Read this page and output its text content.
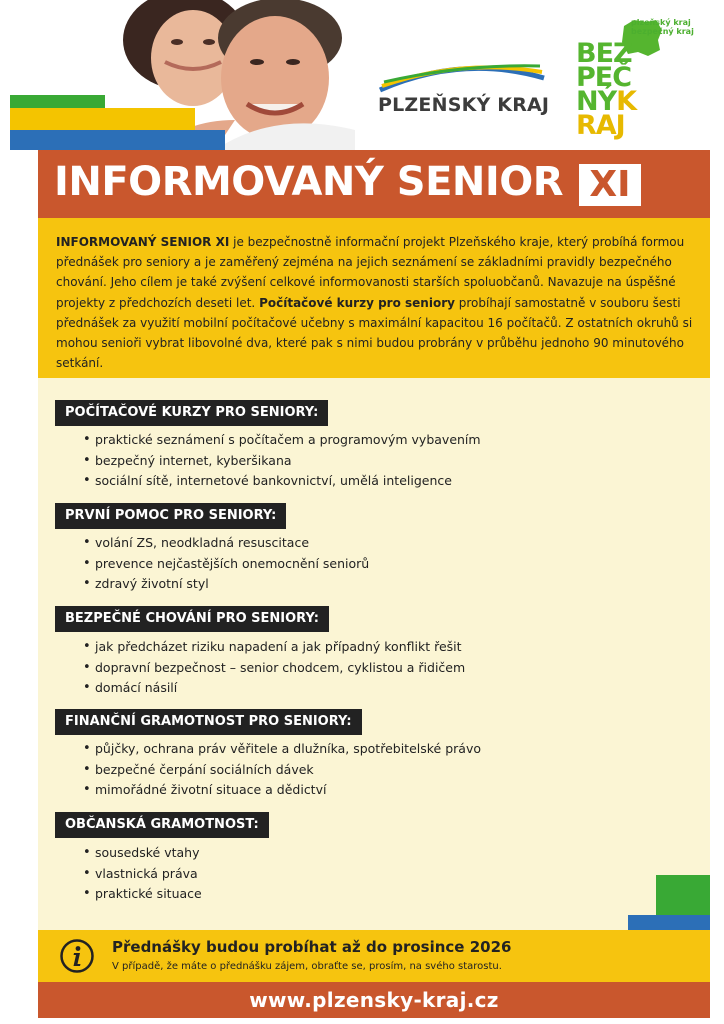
PLZEŇSKÝ KRAJ
plzeňský kraj
bezpečný kraj
BEZ
PEČ
NÝK
RAJ
INFORMOVANÝ SENIOR XI
INFORMOVANÝ SENIOR XI je bezpečnostně informační projekt Plzeňského kraje, který probíhá formou přednášek pro seniory a je zaměřený zejména na jejich seznámení se základními pravidly bezpečného chování. Jeho cílem je také zvýšení celkové informovanosti starších spoluobčanů. Navazuje na úspěšné projekty z předchozích deseti let. Počítačové kurzy pro seniory probíhají samostatně v souboru šesti přednášek za využití mobilní počítačové učebny s maximální kapacitou 16 počítačů. Z ostatních okruhů si mohou senioři vybrat libovolné dva, které pak s nimi budou probrány v průběhu jednoho 90 minutového setkání.
POČÍTAČOVÉ KURZY PRO SENIORY:
• praktické seznámení s počítačem a programovým vybavením
• bezpečný internet, kyberšikana
• sociální sítě, internetové bankovnictví, umělá inteligence
PRVNÍ POMOC PRO SENIORY:
• volání ZS, neodkladná resuscitace
• prevence nejčastějších onemocnění seniorů
• zdravý životní styl
BEZPEČNÉ CHOVÁNÍ PRO SENIORY:
• jak předcházet riziku napadení a jak případný konflikt řešit
• dopravní bezpečnost – senior chodcem, cyklistou a řidičem
• domácí násilí
FINANČNÍ GRAMOTNOST PRO SENIORY:
• půjčky, ochrana práv věřitele a dlužníka, spotřebitelské právo
• bezpečné čerpání sociálních dávek
• mimořádné životní situace a dědictví
OBČANSKÁ GRAMOTNOST:
• sousedské vtahy
• vlastnická práva
• praktické situace
Přednášky budou probíhat až do prosince 2026
V případě, že máte o přednášku zájem, obraťte se, prosím, na svého starostu.
www.plzensky-kraj.cz
